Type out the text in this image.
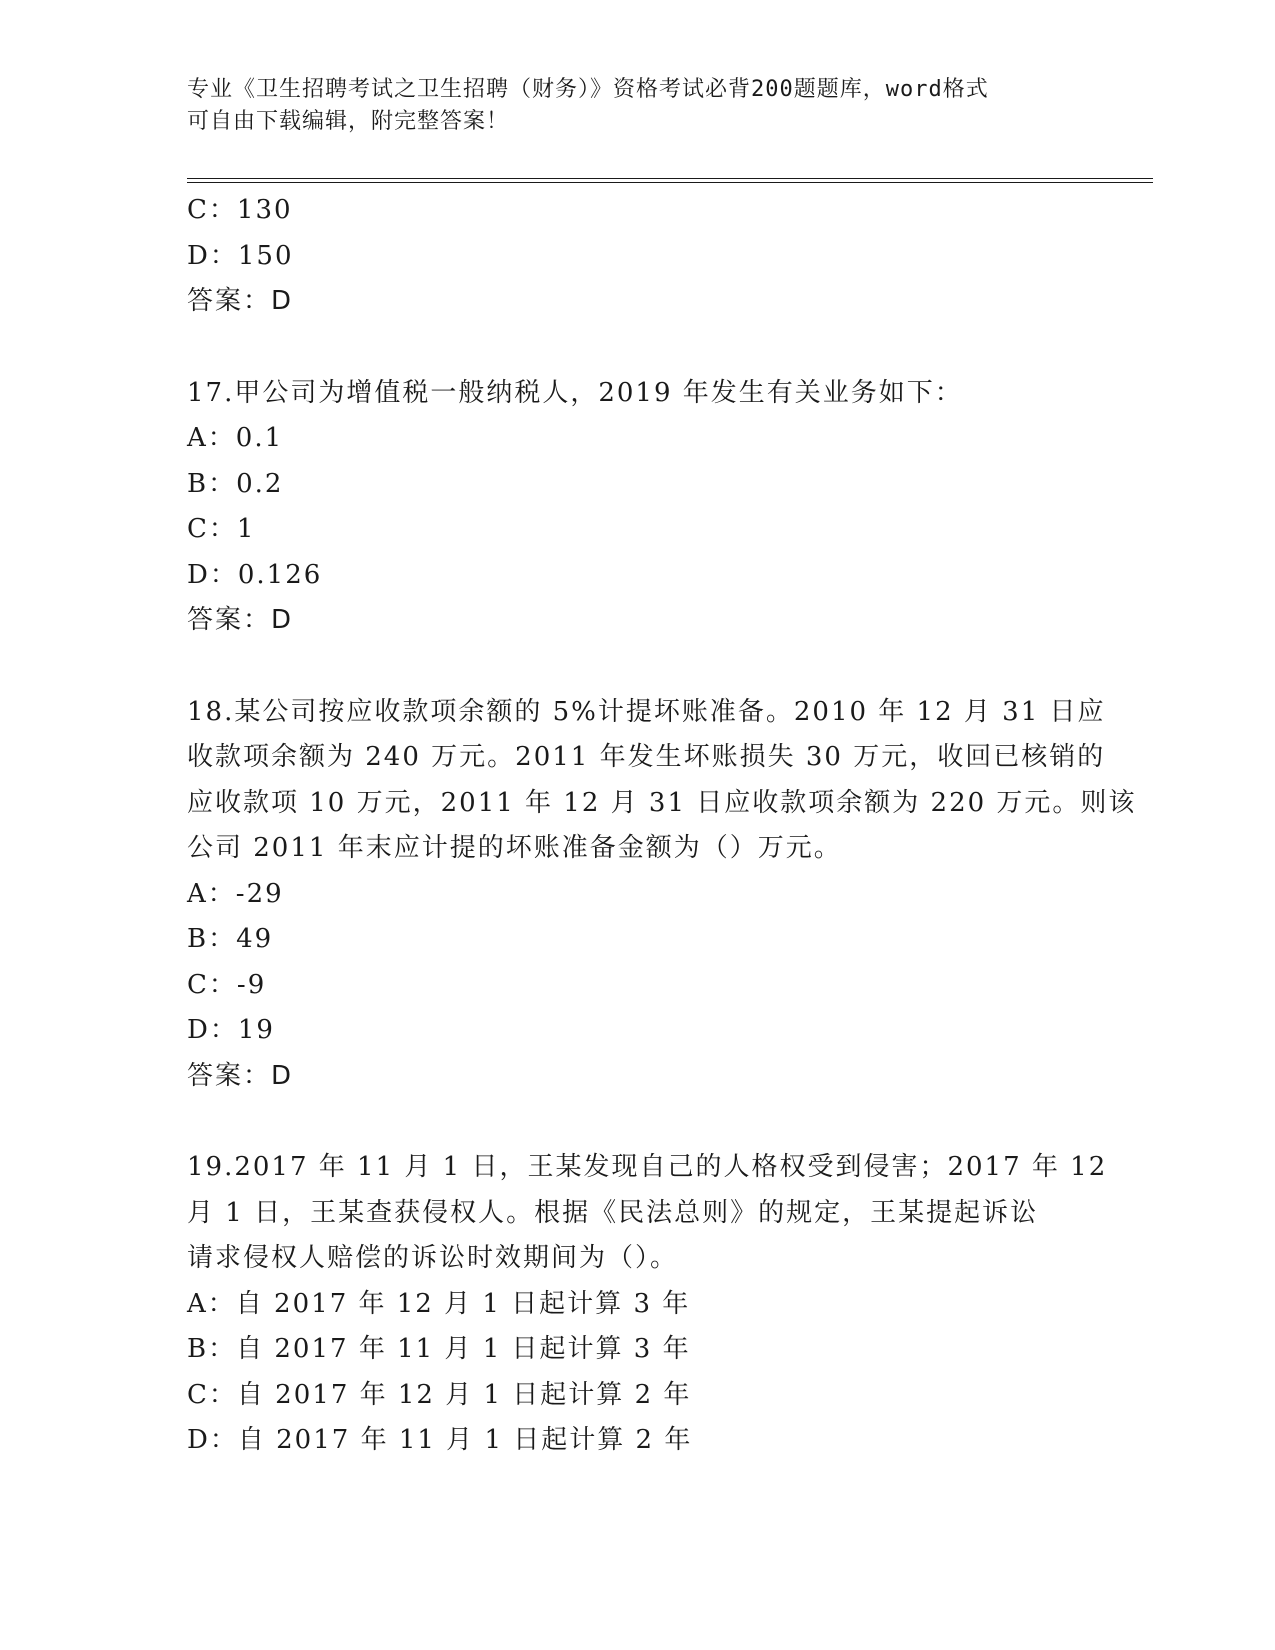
专业《卫生招聘考试之卫生招聘（财务）》资格考试必背200题题库，word格式
可自由下载编辑，附完整答案！
C：130
D：150
答案：D
17.甲公司为增值税一般纳税人，2019 年发生有关业务如下：
A：0.1
B：0.2
C：1
D：0.126
答案：D
18.某公司按应收款项余额的 5%计提坏账准备。2010 年 12 月 31 日应
收款项余额为 240 万元。2011 年发生坏账损失 30 万元，收回已核销的
应收款项 10 万元，2011 年 12 月 31 日应收款项余额为 220 万元。则该
公司 2011 年末应计提的坏账准备金额为（）万元。
A：-29
B：49
C：-9
D：19
答案：D
19.2017 年 11 月 1 日，王某发现自己的人格权受到侵害；2017 年 12
月 1 日，王某查获侵权人。根据《民法总则》的规定，王某提起诉讼
请求侵权人赔偿的诉讼时效期间为（）。
A：自 2017 年 12 月 1 日起计算 3 年
B：自 2017 年 11 月 1 日起计算 3 年
C：自 2017 年 12 月 1 日起计算 2 年
D：自 2017 年 11 月 1 日起计算 2 年
